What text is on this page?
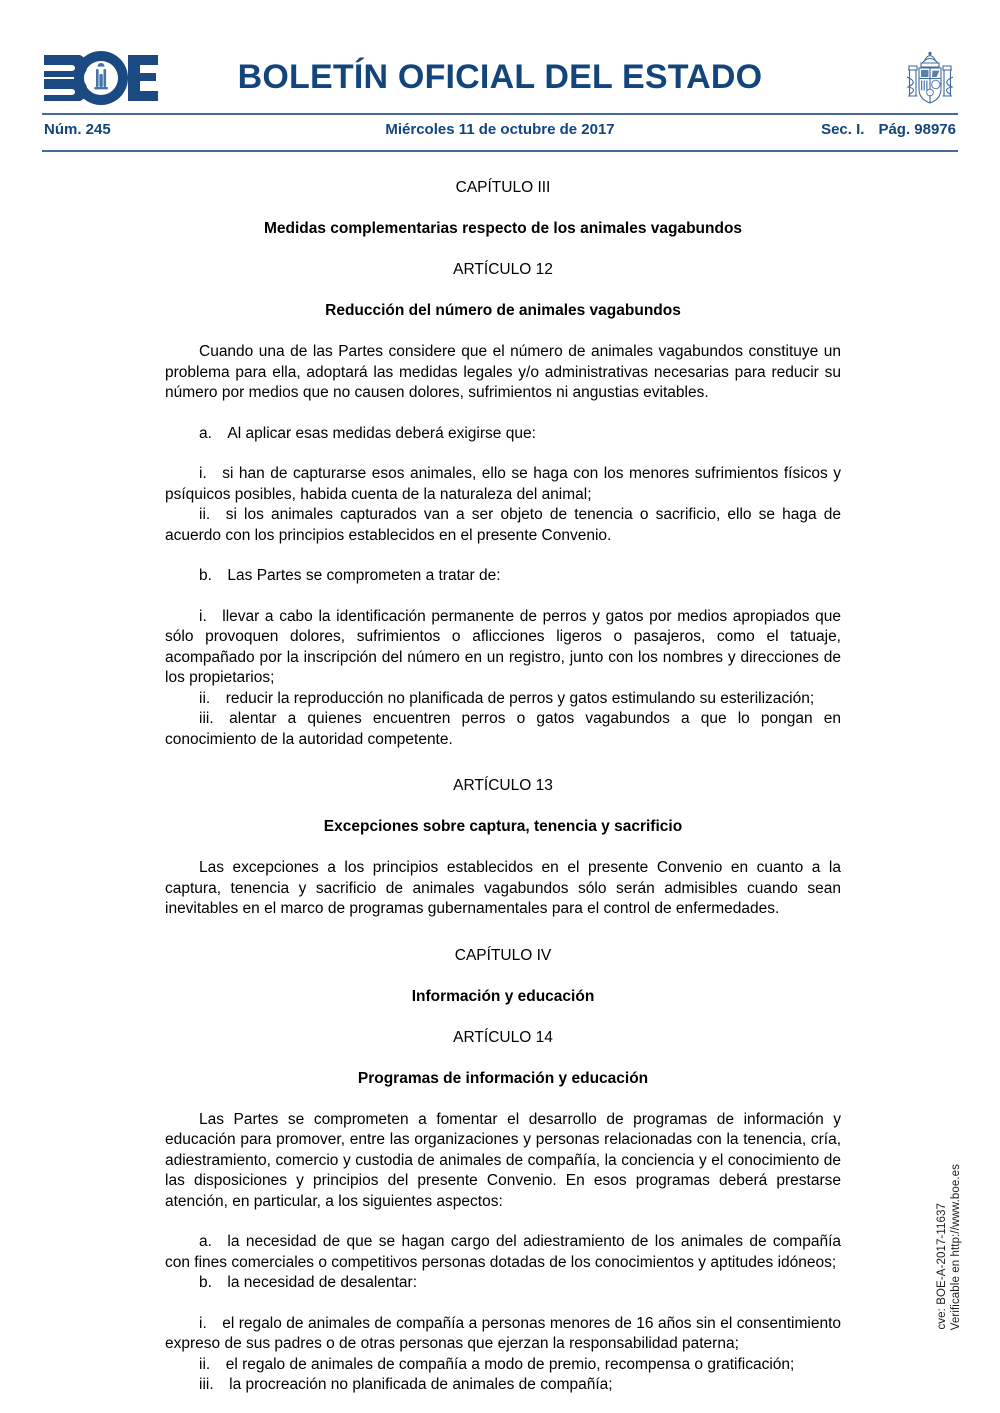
BOLETÍN OFICIAL DEL ESTADO
Núm. 245	Miércoles 11 de octubre de 2017	Sec. I. Pág. 98976

CAPÍTULO III

Medidas complementarias respecto de los animales vagabundos

ARTÍCULO 12

Reducción del número de animales vagabundos

Cuando una de las Partes considere que el número de animales vagabundos constituye un problema para ella, adoptará las medidas legales y/o administrativas necesarias para reducir su número por medios que no causen dolores, sufrimientos ni angustias evitables.

a. Al aplicar esas medidas deberá exigirse que:

i. si han de capturarse esos animales, ello se haga con los menores sufrimientos físicos y psíquicos posibles, habida cuenta de la naturaleza del animal;

ii. si los animales capturados van a ser objeto de tenencia o sacrificio, ello se haga de acuerdo con los principios establecidos en el presente Convenio.

b. Las Partes se comprometen a tratar de:

i. llevar a cabo la identificación permanente de perros y gatos por medios apropiados que sólo provoquen dolores, sufrimientos o aflicciones ligeros o pasajeros, como el tatuaje, acompañado por la inscripción del número en un registro, junto con los nombres y direcciones de los propietarios;

ii. reducir la reproducción no planificada de perros y gatos estimulando su esterilización;

iii. alentar a quienes encuentren perros o gatos vagabundos a que lo pongan en conocimiento de la autoridad competente.

ARTÍCULO 13

Excepciones sobre captura, tenencia y sacrificio

Las excepciones a los principios establecidos en el presente Convenio en cuanto a la captura, tenencia y sacrificio de animales vagabundos sólo serán admisibles cuando sean inevitables en el marco de programas gubernamentales para el control de enfermedades.

CAPÍTULO IV

Información y educación

ARTÍCULO 14

Programas de información y educación

Las Partes se comprometen a fomentar el desarrollo de programas de información y educación para promover, entre las organizaciones y personas relacionadas con la tenencia, cría, adiestramiento, comercio y custodia de animales de compañía, la conciencia y el conocimiento de las disposiciones y principios del presente Convenio. En esos programas deberá prestarse atención, en particular, a los siguientes aspectos:

a. la necesidad de que se hagan cargo del adiestramiento de los animales de compañía con fines comerciales o competitivos personas dotadas de los conocimientos y aptitudes idóneos;

b. la necesidad de desalentar:

i. el regalo de animales de compañía a personas menores de 16 años sin el consentimiento expreso de sus padres o de otras personas que ejerzan la responsabilidad paterna;

ii. el regalo de animales de compañía a modo de premio, recompensa o gratificación;

iii. la procreación no planificada de animales de compañía;

cve: BOE-A-2017-11637 Verificable en http://www.boe.es
